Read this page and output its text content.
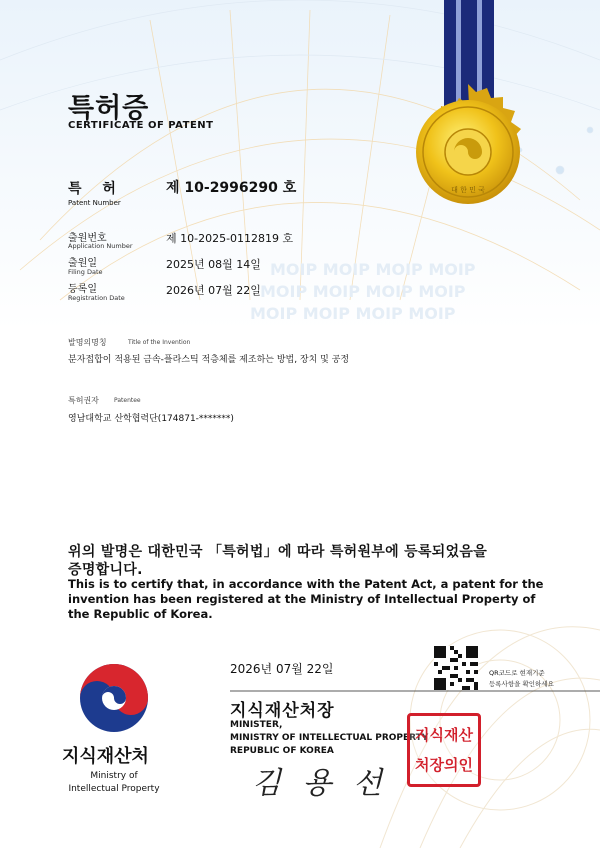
MOIP MOIP MOIP MOIP
MOIP MOIP MOIP MOIP
MOIP MOIP MOIP MOIP
대 한 민 국
특허증
CERTIFICATE OF PATENT
특 허
Patent Number
제 10-2996290 호
출원번호
Application Number
제 10-2025-0112819 호
출원일
Filing Date
2025년 08월 14일
등록일
Registration Date
2026년 07월 22일
발명의명칭	Title of the Invention
분자접합이 적용된 금속-플라스틱 적층체를 제조하는 방법, 장치 및 공정
특허권자	Patentee
영남대학교 산학협력단(174871-*******)
위의 발명은 대한민국 「특허법」에 따라 특허원부에 등록되었음을
증명합니다.
This is to certify that, in accordance with the Patent Act, a patent for the
invention has been registered at the Ministry of Intellectual Property of
the Republic of Korea.
2026년 07월 22일
지식재산처장
MINISTER,
MINISTRY OF INTELLECTUAL PROPERTY
REPUBLIC OF KOREA
김 용 선
QR코드로 현재기준
등록사항을 확인하세요
지식재산
처장의인
지식재산처
Ministry of
Intellectual Property
